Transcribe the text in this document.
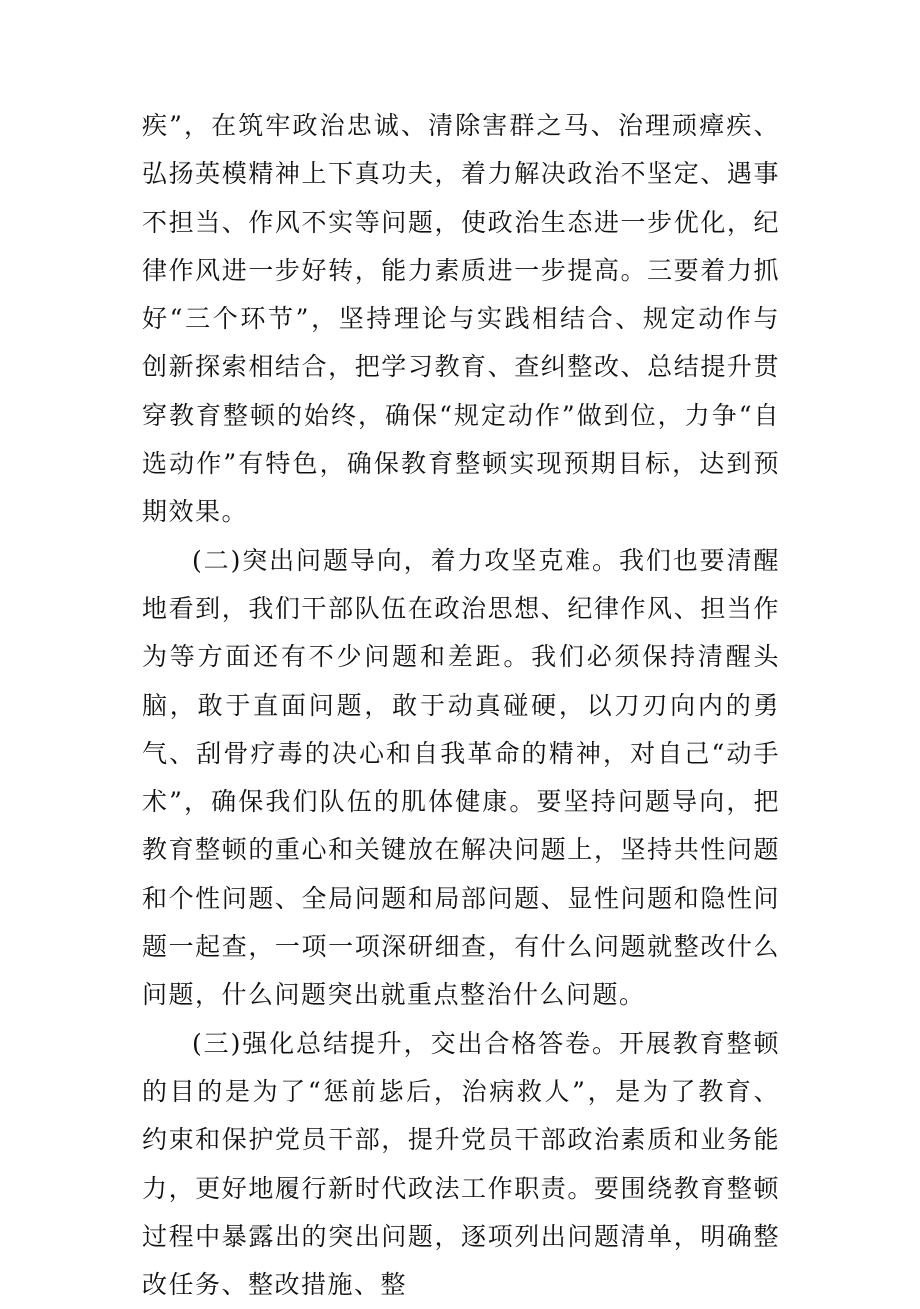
疾”，在筑牢政治忠诚、清除害群之马、治理顽瘴疾、弘扬英模精神上下真功夫，着力解决政治不坚定、遇事不担当、作风不实等问题，使政治生态进一步优化，纪律作风进一步好转，能力素质进一步提高。三要着力抓好“三个环节”，坚持理论与实践相结合、规定动作与创新探索相结合，把学习教育、查纠整改、总结提升贯穿教育整顿的始终，确保“规定动作”做到位，力争“自选动作”有特色，确保教育整顿实现预期目标，达到预期效果。

(二)突出问题导向，着力攻坚克难。我们也要清醒地看到，我们干部队伍在政治思想、纪律作风、担当作为等方面还有不少问题和差距。我们必须保持清醒头脑，敢于直面问题，敢于动真碰硬，以刀刃向内的勇气、刮骨疗毒的决心和自我革命的精神，对自己“动手术”，确保我们队伍的肌体健康。要坚持问题导向，把教育整顿的重心和关键放在解决问题上，坚持共性问题和个性问题、全局问题和局部问题、显性问题和隐性问题一起查，一项一项深研细查，有什么问题就整改什么问题，什么问题突出就重点整治什么问题。

(三)强化总结提升，交出合格答卷。开展教育整顿的目的是为了“惩前毖后，治病救人”，是为了教育、约束和保护党员干部，提升党员干部政治素质和业务能力，更好地履行新时代政法工作职责。要围绕教育整顿过程中暴露出的突出问题，逐项列出问题清单，明确整改任务、整改措施、整
